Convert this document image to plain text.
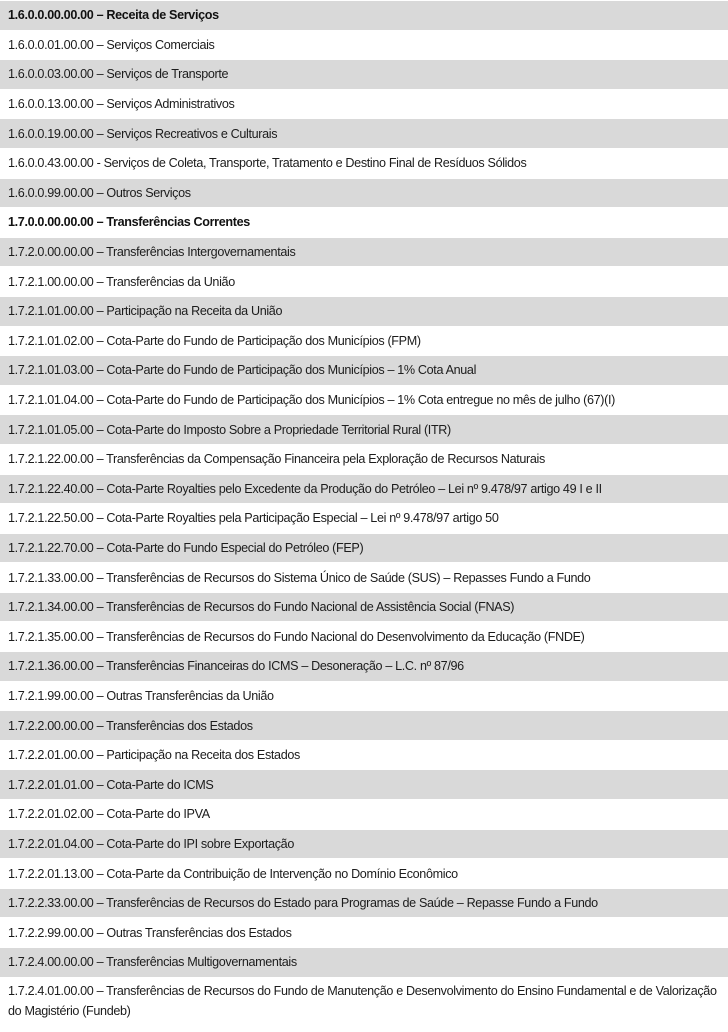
1.6.0.0.00.00.00 – Receita de Serviços
1.6.0.0.01.00.00 – Serviços Comerciais
1.6.0.0.03.00.00 – Serviços de Transporte
1.6.0.0.13.00.00 – Serviços Administrativos
1.6.0.0.19.00.00 – Serviços Recreativos e Culturais
1.6.0.0.43.00.00 - Serviços de Coleta, Transporte, Tratamento e Destino Final de Resíduos Sólidos
1.6.0.0.99.00.00 – Outros Serviços
1.7.0.0.00.00.00 – Transferências Correntes
1.7.2.0.00.00.00 – Transferências Intergovernamentais
1.7.2.1.00.00.00 – Transferências da União
1.7.2.1.01.00.00 – Participação na Receita da União
1.7.2.1.01.02.00 – Cota-Parte do Fundo de Participação dos Municípios (FPM)
1.7.2.1.01.03.00 – Cota-Parte do Fundo de Participação dos Municípios – 1% Cota Anual
1.7.2.1.01.04.00 – Cota-Parte do Fundo de Participação dos Municípios – 1% Cota entregue no mês de julho (67)(I)
1.7.2.1.01.05.00 – Cota-Parte do Imposto Sobre a Propriedade Territorial Rural (ITR)
1.7.2.1.22.00.00 – Transferências da Compensação Financeira pela Exploração de Recursos Naturais
1.7.2.1.22.40.00 – Cota-Parte Royalties pelo Excedente da Produção do Petróleo – Lei nº 9.478/97 artigo 49 I e II
1.7.2.1.22.50.00 – Cota-Parte Royalties pela Participação Especial – Lei nº 9.478/97 artigo 50
1.7.2.1.22.70.00 – Cota-Parte do Fundo Especial do Petróleo (FEP)
1.7.2.1.33.00.00 – Transferências de Recursos do Sistema Único de Saúde (SUS) – Repasses Fundo a Fundo
1.7.2.1.34.00.00 – Transferências de Recursos do Fundo Nacional de Assistência Social (FNAS)
1.7.2.1.35.00.00 – Transferências de Recursos do Fundo Nacional do Desenvolvimento da Educação (FNDE)
1.7.2.1.36.00.00 – Transferências Financeiras do ICMS – Desoneração – L.C. nº 87/96
1.7.2.1.99.00.00 – Outras Transferências da União
1.7.2.2.00.00.00 – Transferências dos Estados
1.7.2.2.01.00.00 – Participação na Receita dos Estados
1.7.2.2.01.01.00 – Cota-Parte do ICMS
1.7.2.2.01.02.00 – Cota-Parte do IPVA
1.7.2.2.01.04.00 – Cota-Parte do IPI sobre Exportação
1.7.2.2.01.13.00 – Cota-Parte da Contribuição de Intervenção no Domínio Econômico
1.7.2.2.33.00.00 – Transferências de Recursos do Estado para Programas de Saúde – Repasse Fundo a Fundo
1.7.2.2.99.00.00 – Outras Transferências dos Estados
1.7.2.4.00.00.00 – Transferências Multigovernamentais
1.7.2.4.01.00.00 – Transferências de Recursos do Fundo de Manutenção e Desenvolvimento do Ensino Fundamental e de Valorização do Magistério (Fundeb)
